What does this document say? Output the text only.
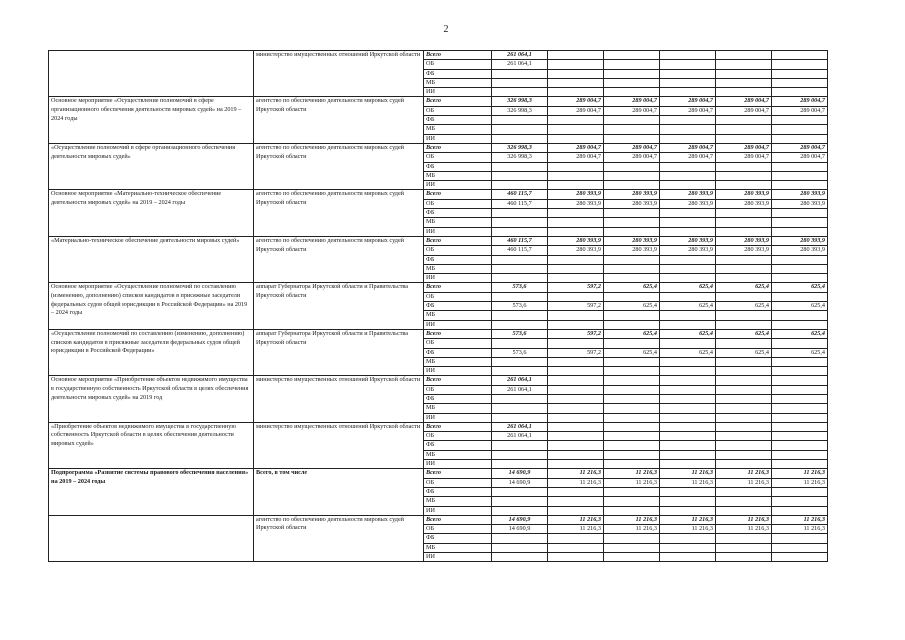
2
	министерство имущественных отношений Иркутской области	Всего	261 064,1					
		ОБ	261 064,1					
		ФБ						
		МБ						
		ИИ						
Основное мероприятие «Осуществление полномочий в сфере организационного обеспечения деятельности мировых судей» на 2019 – 2024 годы	агентство по обеспечению деятельности мировых судей Иркутской области	Всего	326 998,3	289 004,7	289 004,7	289 004,7	289 004,7	289 004,7
		ОБ	326 998,3	289 004,7	289 004,7	289 004,7	289 004,7	289 004,7
		ФБ						
		МБ						
		ИИ						
«Осуществление полномочий в сфере организационного обеспечения деятельности мировых судей»	агентство по обеспечению деятельности мировых судей Иркутской области	Всего	326 998,3	289 004,7	289 004,7	289 004,7	289 004,7	289 004,7
		ОБ	326 998,3	289 004,7	289 004,7	289 004,7	289 004,7	289 004,7
		ФБ						
		МБ						
		ИИ						
Основное мероприятие «Материально-техническое обеспечение деятельности мировых судей» на 2019 – 2024 годы	агентство по обеспечению деятельности мировых судей Иркутской области	Всего	460 115,7	280 393,9	280 393,9	280 393,9	280 393,9	280 393,9
		ОБ	460 115,7	280 393,9	280 393,9	280 393,9	280 393,9	280 393,9
		ФБ						
		МБ						
		ИИ						
«Материально-техническое обеспечение деятельности мировых судей»	агентство по обеспечению деятельности мировых судей Иркутской области	Всего	460 115,7	280 393,9	280 393,9	280 393,9	280 393,9	280 393,9
		ОБ	460 115,7	280 393,9	280 393,9	280 393,9	280 393,9	280 393,9
		ФБ						
		МБ						
		ИИ						
Основное мероприятие «Осуществление полномочий по составлению (изменению, дополнению) списков кандидатов в присяжные заседатели федеральных судов общей юрисдикции в Российской Федерации» на 2019 – 2024 годы	аппарат Губернатора Иркутской области и Правительства Иркутской области	Всего	573,6	597,2	625,4	625,4	625,4	625,4
		ОБ						
		ФБ	573,6	597,2	625,4	625,4	625,4	625,4
		МБ						
		ИИ						
«Осуществление полномочий по составлению (изменению, дополнению) списков кандидатов в присяжные заседатели федеральных судов общей юрисдикции в Российской Федерации»	аппарат Губернатора Иркутской области и Правительства Иркутской области	Всего	573,6	597,2	625,4	625,4	625,4	625,4
		ОБ						
		ФБ	573,6	597,2	625,4	625,4	625,4	625,4
		МБ						
		ИИ						
Основное мероприятие «Приобретение объектов недвижимого имущества в государственную собственность Иркутской области в целях обеспечения деятельности мировых судей» на 2019 год	министерство имущественных отношений Иркутской области	Всего	261 064,1					
		ОБ	261 064,1					
		ФБ						
		МБ						
		ИИ						
«Приобретение объектов недвижимого имущества в государственную собственность Иркутской области в целях обеспечения деятельности мировых судей»	министерство имущественных отношений Иркутской области	Всего	261 064,1					
		ОБ	261 064,1					
		ФБ						
		МБ						
		ИИ						
Подпрограмма «Развитие системы правового обеспечения населения» на 2019 – 2024 годы	Всего, в том числе	Всего	14 690,9	11 216,3	11 216,3	11 216,3	11 216,3	11 216,3
		ОБ	14 690,9	11 216,3	11 216,3	11 216,3	11 216,3	11 216,3
		ФБ						
		МБ						
		ИИ						
	агентство по обеспечению деятельности мировых судей Иркутской области	Всего	14 690,9	11 216,3	11 216,3	11 216,3	11 216,3	11 216,3
		ОБ	14 690,9	11 216,3	11 216,3	11 216,3	11 216,3	11 216,3
		ФБ						
		МБ						
		ИИ						
